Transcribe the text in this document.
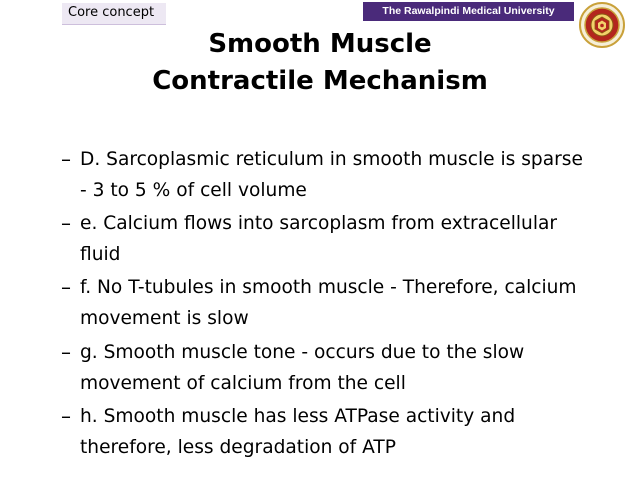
Core concept	The Rawalpindi Medical University
Smooth Muscle
Contractile Mechanism
– D. Sarcoplasmic reticulum in smooth muscle is sparse
- 3 to 5 % of cell volume
– e. Calcium flows into sarcoplasm from extracellular
fluid
– f. No T-tubules in smooth muscle - Therefore, calcium
movement is slow
– g. Smooth muscle tone - occurs due to the slow
movement of calcium from the cell
– h. Smooth muscle has less ATPase activity and
therefore, less degradation of ATP
